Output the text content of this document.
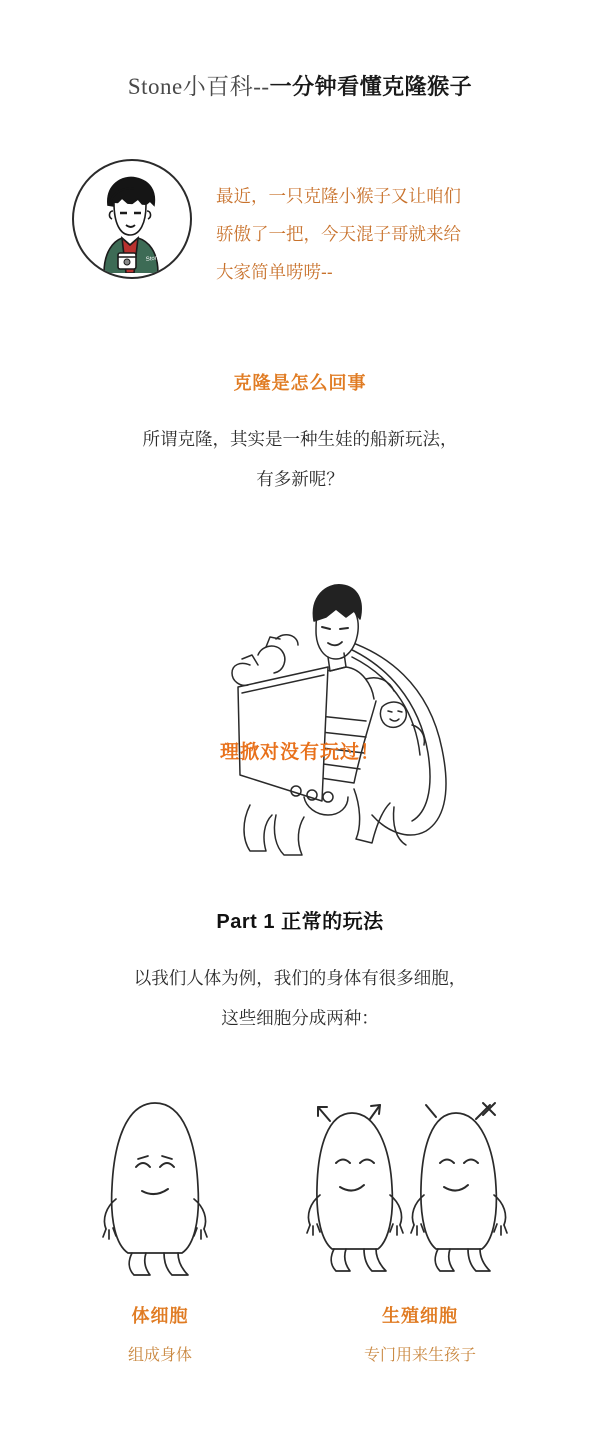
Stone小百科-- 一分钟看懂克隆猴子
Stone
最近，一只克隆小猴子又让咱们
骄傲了一把，今天混子哥就来给
大家简单唠唠--
克隆是怎么回事
所谓克隆，其实是一种生娃的船新玩法，
有多新呢？
理掀对没有玩过！
Part 1 正常的玩法
以我们人体为例，我们的身体有很多细胞，
这些细胞分成两种：
体细胞
组成身体
生殖细胞
专门用来生孩子
